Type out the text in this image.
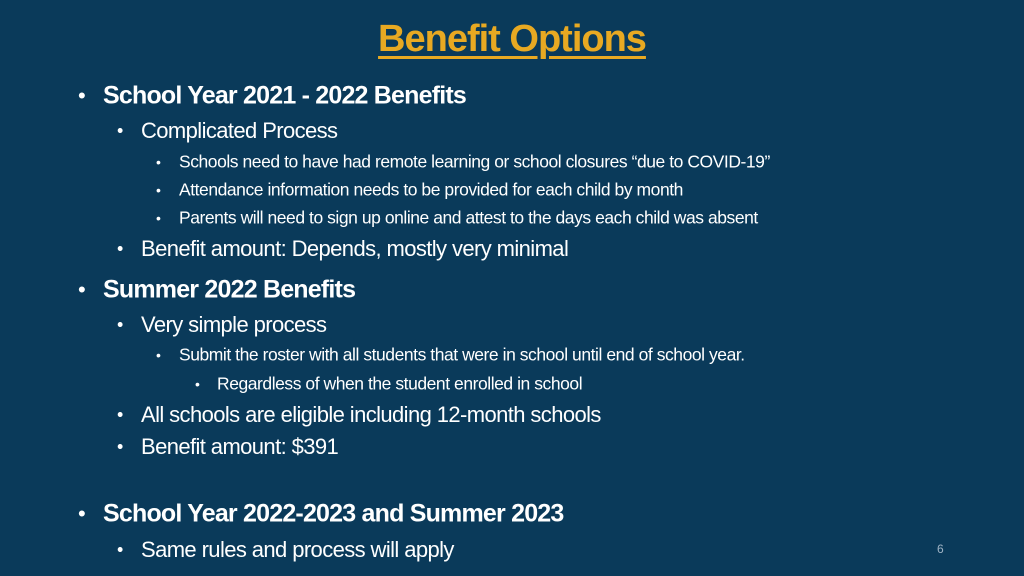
Benefit Options
• School Year 2021 - 2022 Benefits
• Complicated Process
• Schools need to have had remote learning or school closures “due to COVID-19”
• Attendance information needs to be provided for each child by month
• Parents will need to sign up online and attest to the days each child was absent
• Benefit amount: Depends, mostly very minimal
• Summer 2022 Benefits
• Very simple process
• Submit the roster with all students that were in school until end of school year.
• Regardless of when the student enrolled in school
• All schools are eligible including 12-month schools
• Benefit amount: $391
• School Year 2022-2023 and Summer 2023
• Same rules and process will apply	6
